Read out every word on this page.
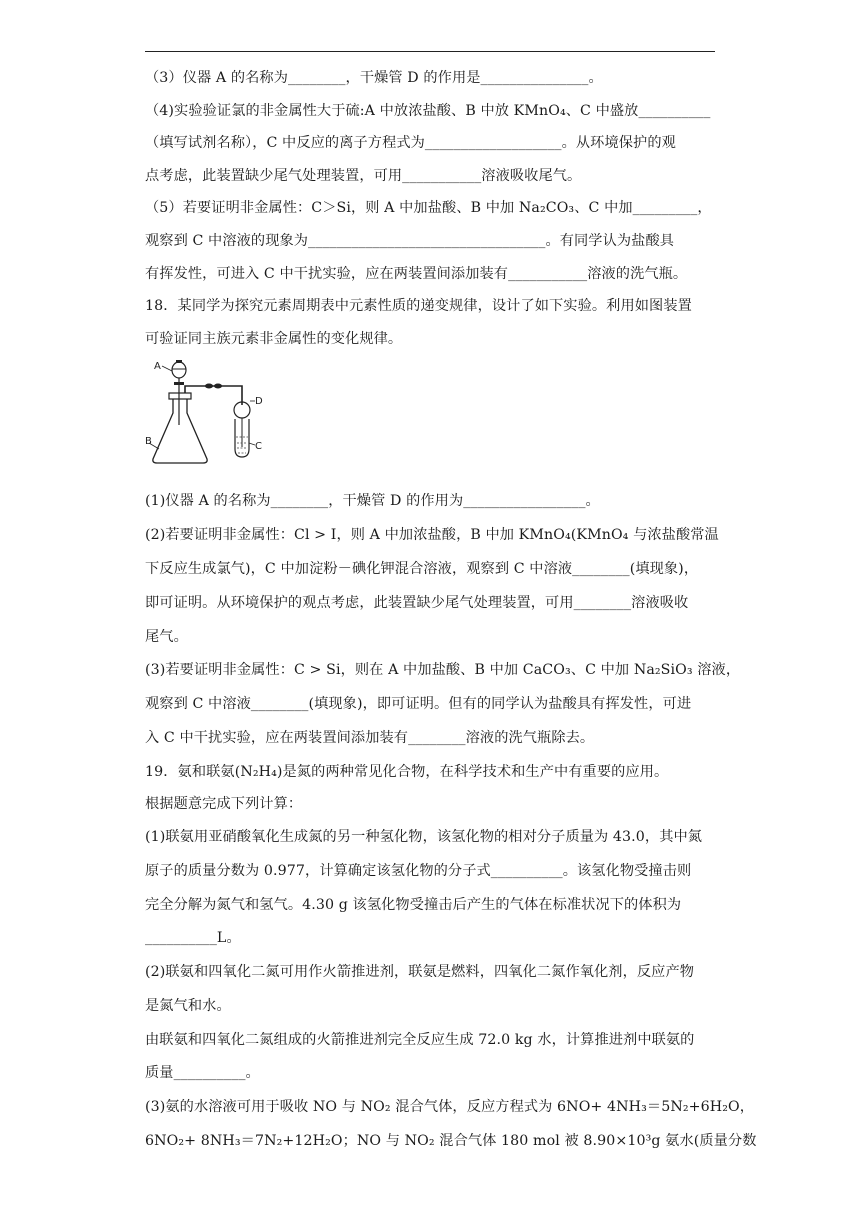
（3）仪器 A 的名称为________，干燥管 D 的作用是_______________。
（4)实验验证氯的非金属性大于硫:A 中放浓盐酸、B 中放 KMnO₄、C 中盛放__________
（填写试剂名称），C 中反应的离子方程式为___________________。从环境保护的观
点考虑，此装置缺少尾气处理装置，可用___________溶液吸收尾气。
（5）若要证明非金属性：C＞Si，则 A 中加盐酸、B 中加 Na₂CO₃、C 中加_________，
观察到 C 中溶液的现象为_________________________________。有同学认为盐酸具
有挥发性，可进入 C 中干扰实验，应在两装置间添加装有___________溶液的洗气瓶。
18．某同学为探究元素周期表中元素性质的递变规律，设计了如下实验。利用如图装置
可验证同主族元素非金属性的变化规律。
A
B
D
C
(1)仪器 A 的名称为________，干燥管 D 的作用为_________________。
(2)若要证明非金属性：Cl > I，则 A 中加浓盐酸，B 中加 KMnO₄(KMnO₄ 与浓盐酸常温
下反应生成氯气)，C 中加淀粉－碘化钾混合溶液，观察到 C 中溶液________(填现象)，
即可证明。从环境保护的观点考虑，此装置缺少尾气处理装置，可用________溶液吸收
尾气。
(3)若要证明非金属性：C > Si，则在 A 中加盐酸、B 中加 CaCO₃、C 中加 Na₂SiO₃ 溶液，
观察到 C 中溶液________(填现象)，即可证明。但有的同学认为盐酸具有挥发性，可进
入 C 中干扰实验，应在两装置间添加装有________溶液的洗气瓶除去。
19．氨和联氨(N₂H₄)是氮的两种常见化合物，在科学技术和生产中有重要的应用。
根据题意完成下列计算：
(1)联氨用亚硝酸氧化生成氮的另一种氢化物，该氢化物的相对分子质量为 43.0，其中氮
原子的质量分数为 0.977，计算确定该氢化物的分子式__________。该氢化物受撞击则
完全分解为氮气和氢气。4.30 g 该氢化物受撞击后产生的气体在标准状况下的体积为
__________L。
(2)联氨和四氧化二氮可用作火箭推进剂，联氨是燃料，四氧化二氮作氧化剂，反应产物
是氮气和水。
由联氨和四氧化二氮组成的火箭推进剂完全反应生成 72.0 kg 水，计算推进剂中联氨的
质量__________。
(3)氨的水溶液可用于吸收 NO 与 NO₂ 混合气体，反应方程式为 6NO+ 4NH₃＝5N₂+6H₂O，
6NO₂+ 8NH₃＝7N₂+12H₂O；NO 与 NO₂ 混合气体 180 mol 被 8.90×10³g 氨水(质量分数
